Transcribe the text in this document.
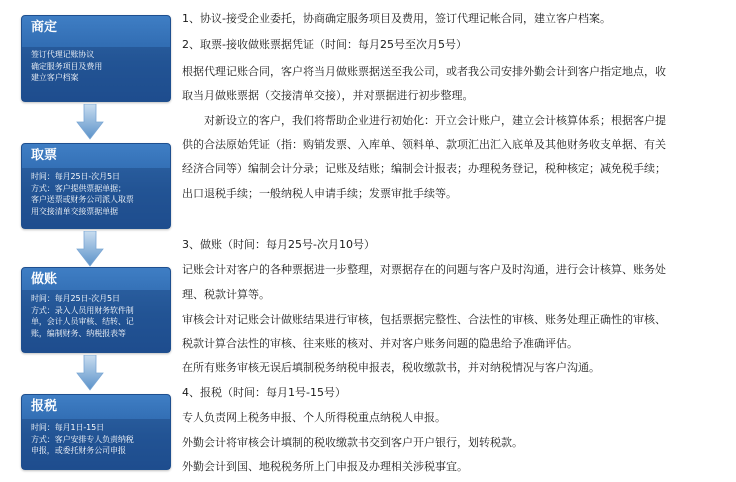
商定
签订代理记账协议
确定服务项目及费用
建立客户档案
取票
时间：每月25日-次月5日
方式：客户提供票据单据；
客户送票或财务公司派人取票
用交接清单交接票据单据
做账
时间：每月25日-次月5日
方式：录入人员用财务软件制
单，会计人员审核、结转、记
账，编制财务、纳税报表等
报税
时间：每月1日-15日
方式：客户安排专人负责纳税
申报，或委托财务公司申报
1、协议-接受企业委托，协商确定服务项目及费用，签订代理记帐合同，建立客户档案。
2、取票-接收做账票据凭证（时间：每月25号至次月5号）
根据代理记账合同，客户将当月做账票据送至我公司，或者我公司安排外勤会计到客户指定地点，收
取当月做账票据（交接清单交接），并对票据进行初步整理。
对新设立的客户，我们将帮助企业进行初始化：开立会计账户，建立会计核算体系；根据客户提
供的合法原始凭证（指：购销发票、入库单、领料单、款项汇出汇入底单及其他财务收支单据、有关
经济合同等）编制会计分录；记账及结账；编制会计报表；办理税务登记，税种核定；减免税手续；
出口退税手续；一般纳税人申请手续；发票审批手续等。
3、做账（时间：每月25号-次月10号）
记账会计对客户的各种票据进一步整理，对票据存在的问题与客户及时沟通，进行会计核算、账务处
理、税款计算等。
审核会计对记账会计做账结果进行审核，包括票据完整性、合法性的审核、账务处理正确性的审核、
税款计算合法性的审核、往来账的核对、并对客户账务问题的隐患给予准确评估。
在所有账务审核无误后填制税务纳税申报表，税收缴款书，并对纳税情况与客户沟通。
4、报税（时间：每月1号-15号）
专人负责网上税务申报、个人所得税重点纳税人申报。
外勤会计将审核会计填制的税收缴款书交到客户开户银行，划转税款。
外勤会计到国、地税税务所上门申报及办理相关涉税事宜。
